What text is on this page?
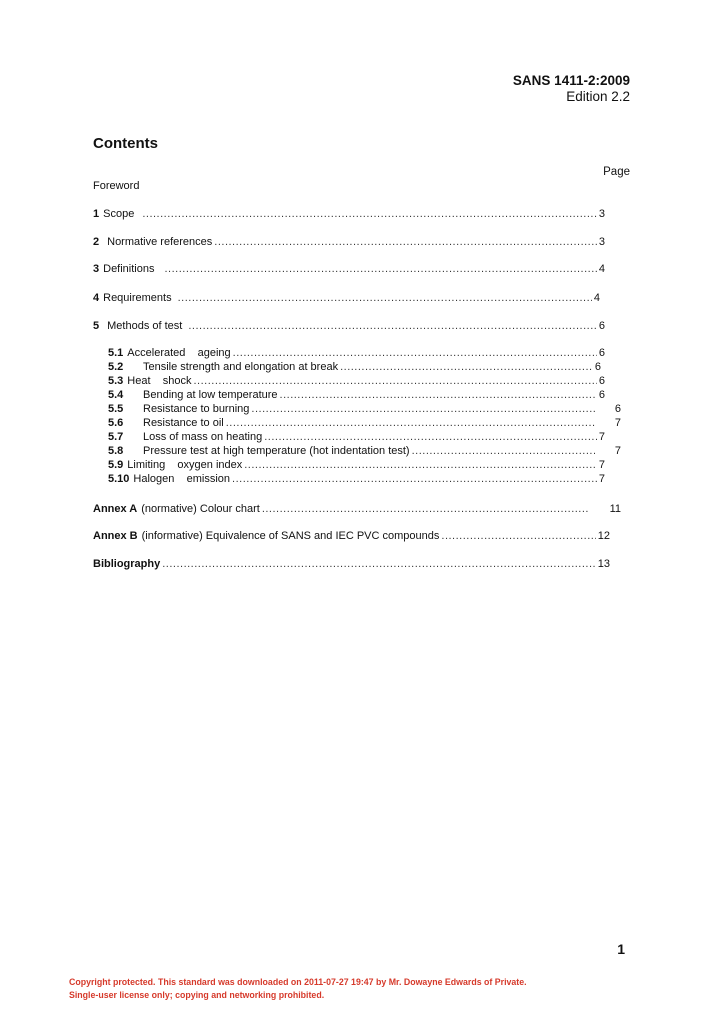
SANS 1411-2:2009
Edition 2.2
Contents
Page
Foreword
1 Scope .....	3
2 Normative references .....	3
3 Definitions .....	4
4 Requirements .....	4
5 Methods of test .....	6
5.1 Accelerated    ageing .....	6
5.2	Tensile strength and elongation at break .....	6
5.3 Heat    shock .....	6
5.4	Bending at low temperature .....	6
5.5	Resistance to burning .....	6
5.6	Resistance to oil .....	7
5.7	Loss of mass on heating .....	7
5.8	Pressure test at high temperature (hot indentation test) .....	7
5.9 Limiting    oxygen index .....	7
5.10 Halogen    emission .....	7
Annex A (normative) Colour chart .....	11
Annex B (informative) Equivalence of SANS and IEC PVC compounds .....	12
Bibliography .....	13
1
Copyright protected. This standard was downloaded on 2011-07-27 19:47 by Mr. Dowayne Edwards of Private.
Single-user license only; copying and networking prohibited.
